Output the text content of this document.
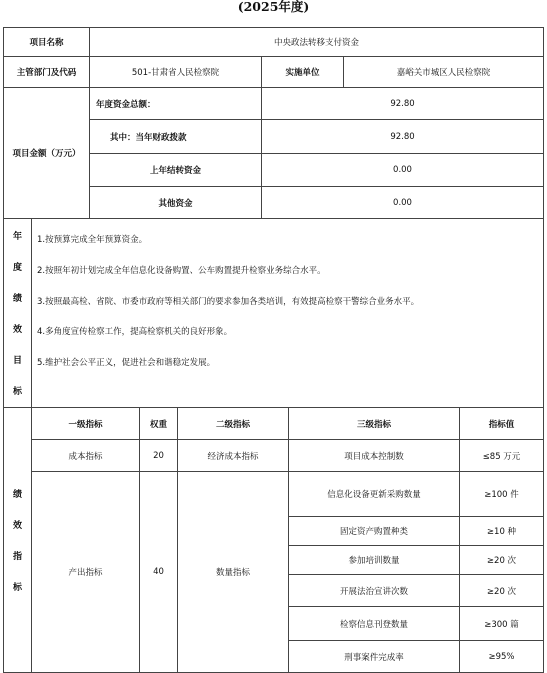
(2025年度)
项目名称	中央政法转移支付资金
主管部门及代码	501-甘肃省人民检察院	实施单位	嘉峪关市城区人民检察院
项目金额（万元）
年度资金总额：	92.80
其中：当年财政拨款	92.80
上年结转资金	0.00
其他资金	0.00
年
度
绩
效
目
标
1.按预算完成全年预算资金。
2.按照年初计划完成全年信息化设备购置、公车购置提升检察业务综合水平。
3.按照最高检、省院、市委市政府等相关部门的要求参加各类培训，有效提高检察干警综合业务水平。
4.多角度宣传检察工作，提高检察机关的良好形象。
5.维护社会公平正义，促进社会和谐稳定发展。
绩
效
指
标
一级指标	权重	二级指标	三级指标	指标值
成本指标	20	经济成本指标	项目成本控制数	≤85 万元
产出指标	40	数量指标
信息化设备更新采购数量	≥100 件
固定资产购置种类	≥10 种
参加培训数量	≥20 次
开展法治宣讲次数	≥20 次
检察信息刊登数量	≥300 篇
刑事案件完成率	≥95%
